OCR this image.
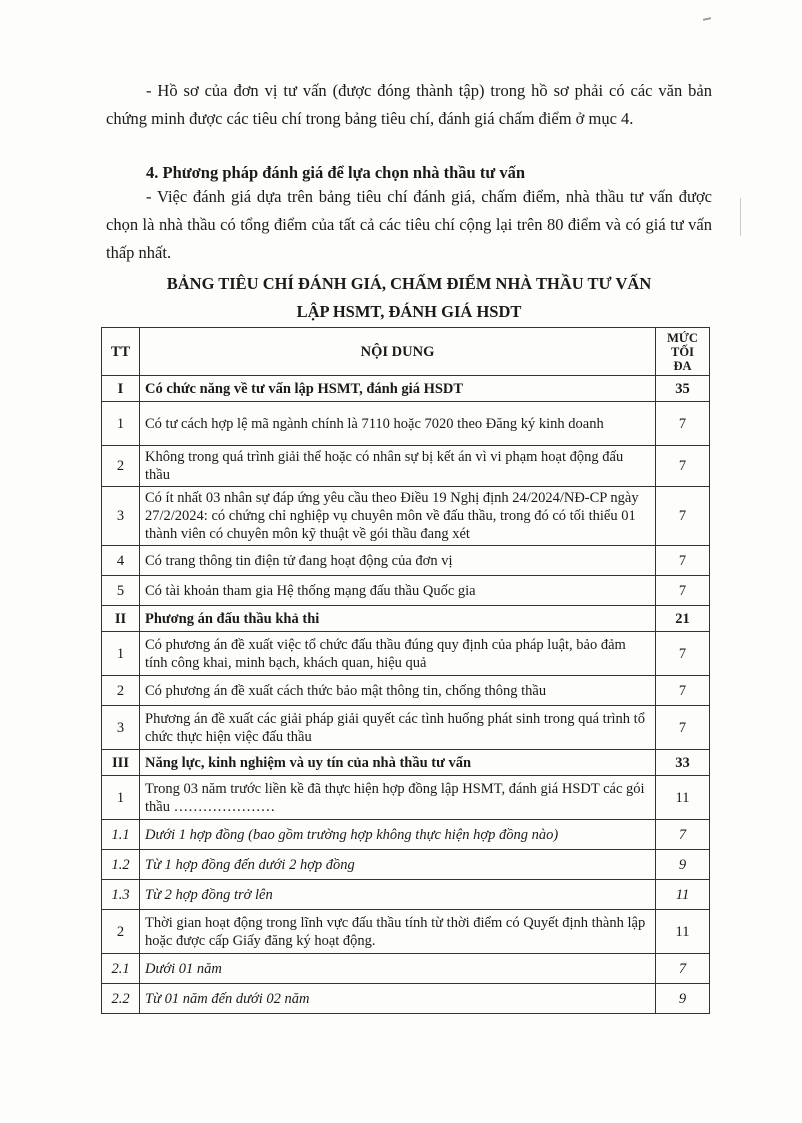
- Hồ sơ của đơn vị tư vấn (được đóng thành tập) trong hồ sơ phải có các văn bản chứng minh được các tiêu chí trong bảng tiêu chí, đánh giá chấm điểm ở mục 4.
4. Phương pháp đánh giá để lựa chọn nhà thầu tư vấn
- Việc đánh giá dựa trên bảng tiêu chí đánh giá, chấm điểm, nhà thầu tư vấn được chọn là nhà thầu có tổng điểm của tất cả các tiêu chí cộng lại trên 80 điểm và có giá tư vấn thấp nhất.
BẢNG TIÊU CHÍ ĐÁNH GIÁ, CHẤM ĐIỂM NHÀ THẦU TƯ VẤN
LẬP HSMT, ĐÁNH GIÁ HSDT
TT	NỘI DUNG	MỨC
TỐI ĐA

I	Có chức năng về tư vấn lập HSMT, đánh giá HSDT	35
1	Có tư cách hợp lệ mã ngành chính là 7110 hoặc 7020 theo Đăng ký kinh doanh	7
2	Không trong quá trình giải thể hoặc có nhân sự bị kết án vì vi phạm hoạt động đấu thầu	7
3	Có ít nhất 03 nhân sự đáp ứng yêu cầu theo Điều 19 Nghị định 24/2024/NĐ-CP ngày 27/2/2024: có chứng chỉ nghiệp vụ chuyên môn về đấu thầu, trong đó có tối thiểu 01 thành viên có chuyên môn kỹ thuật về gói thầu đang xét	7
4	Có trang thông tin điện tử đang hoạt động của đơn vị	7
5	Có tài khoản tham gia Hệ thống mạng đấu thầu Quốc gia	7
II	Phương án đấu thầu khả thi	21
1	Có phương án đề xuất việc tổ chức đấu thầu đúng quy định của pháp luật, bảo đảm tính công khai, minh bạch, khách quan, hiệu quả	7
2	Có phương án đề xuất cách thức bảo mật thông tin, chống thông thầu	7
3	Phương án đề xuất các giải pháp giải quyết các tình huống phát sinh trong quá trình tổ chức thực hiện việc đấu thầu	7
III	Năng lực, kinh nghiệm và uy tín của nhà thầu tư vấn	33
1	Trong 03 năm trước liền kề đã thực hiện hợp đồng lập HSMT, đánh giá HSDT các gói thầu …………………	11
1.1	Dưới 1 hợp đồng (bao gồm trường hợp không thực hiện hợp đồng nào)	7
1.2	Từ 1 hợp đồng đến dưới 2 hợp đồng	9
1.3	Từ 2 hợp đồng trở lên	11
2	Thời gian hoạt động trong lĩnh vực đấu thầu tính từ thời điểm có Quyết định thành lập hoặc được cấp Giấy đăng ký hoạt động.	11
2.1	Dưới 01 năm	7
2.2	Từ 01 năm đến dưới 02 năm	9
